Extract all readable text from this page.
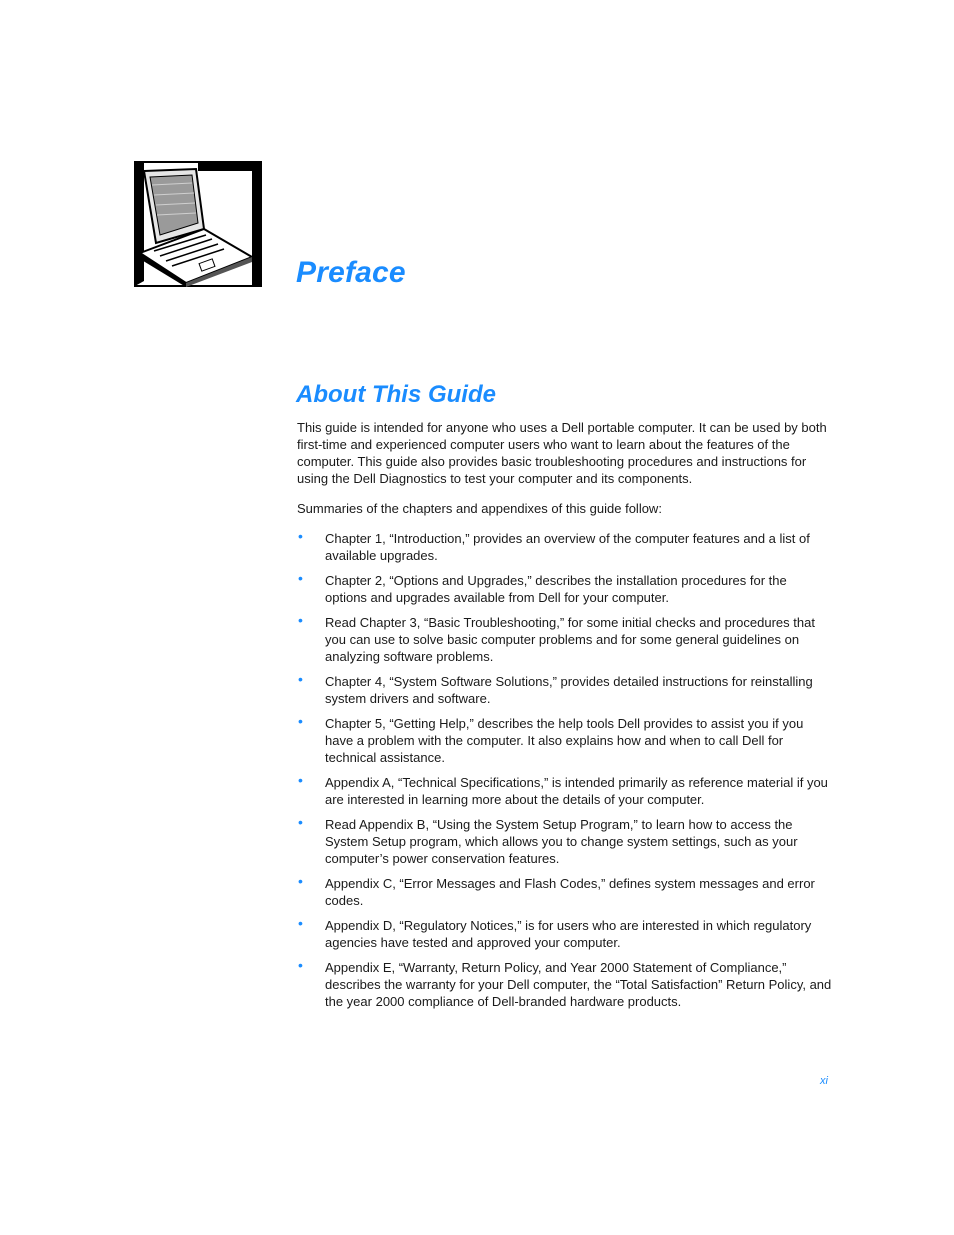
Preface
About This Guide

This guide is intended for anyone who uses a Dell portable computer. It can be used by both first-time and experienced computer users who want to learn about the features of the computer. This guide also provides basic troubleshooting procedures and instructions for using the Dell Diagnostics to test your computer and its components.

Summaries of the chapters and appendixes of this guide follow:

• Chapter 1, “Introduction,” provides an overview of the computer features and a list of available upgrades.
• Chapter 2, “Options and Upgrades,” describes the installation procedures for the options and upgrades available from Dell for your computer.
• Read Chapter 3, “Basic Troubleshooting,” for some initial checks and procedures that you can use to solve basic computer problems and for some general guidelines on analyzing software problems.
• Chapter 4, “System Software Solutions,” provides detailed instructions for reinstalling system drivers and software.
• Chapter 5, “Getting Help,” describes the help tools Dell provides to assist you if you have a problem with the computer. It also explains how and when to call Dell for technical assistance.
• Appendix A, “Technical Specifications,” is intended primarily as reference material if you are interested in learning more about the details of your computer.
• Read Appendix B, “Using the System Setup Program,” to learn how to access the System Setup program, which allows you to change system settings, such as your computer’s power conservation features.
• Appendix C, “Error Messages and Flash Codes,” defines system messages and error codes.
• Appendix D, “Regulatory Notices,” is for users who are interested in which regulatory agencies have tested and approved your computer.
• Appendix E, “Warranty, Return Policy, and Year 2000 Statement of Compliance,” describes the warranty for your Dell computer, the “Total Satisfaction” Return Policy, and the year 2000 compliance of Dell-branded hardware products.
xi
